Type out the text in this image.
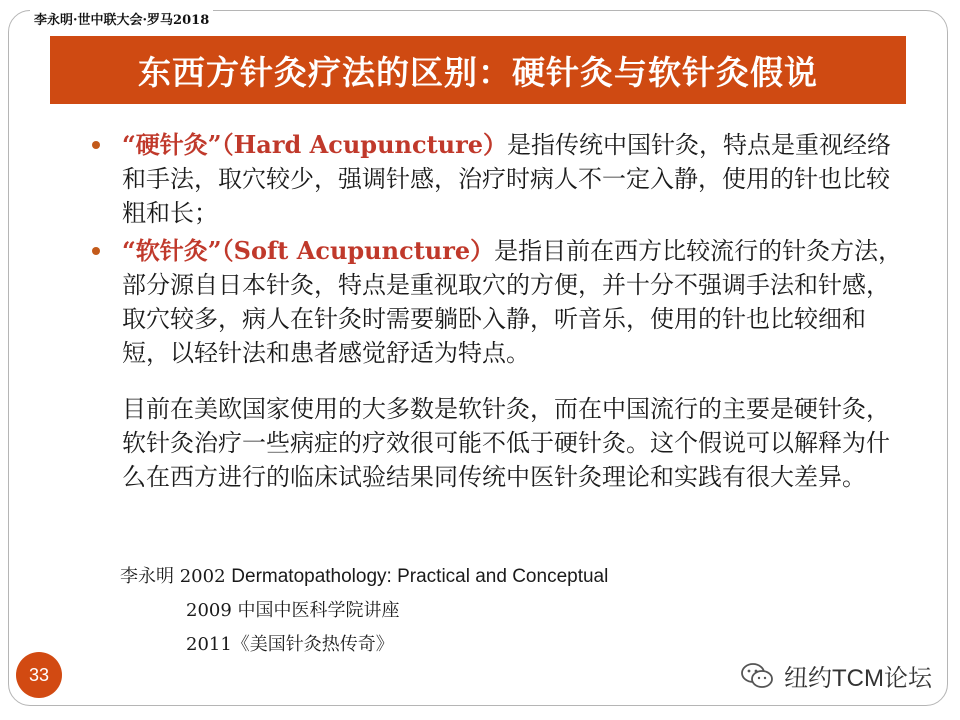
李永明·世中联大会·罗马2018
东西方针灸疗法的区别：硬针灸与软针灸假说
“硬针灸”（Hard Acupuncture）是指传统中国针灸，特点是重视经络和手法，取穴较少，强调针感，治疗时病人不一定入静，使用的针也比较粗和长；
“软针灸”（Soft Acupuncture）是指目前在西方比较流行的针灸方法，部分源自日本针灸，特点是重视取穴的方便，并十分不强调手法和针感，取穴较多，病人在针灸时需要躺卧入静，听音乐，使用的针也比较细和短，以轻针法和患者感觉舒适为特点。
目前在美欧国家使用的大多数是软针灸，而在中国流行的主要是硬针灸，软针灸治疗一些病症的疗效很可能不低于硬针灸。这个假说可以解释为什么在西方进行的临床试验结果同传统中医针灸理论和实践有很大差异。
李永明 2002 Dermatopathology: Practical and Conceptual
2009 中国中医科学院讲座
2011《美国针灸热传奇》
33	纽约TCM论坛
